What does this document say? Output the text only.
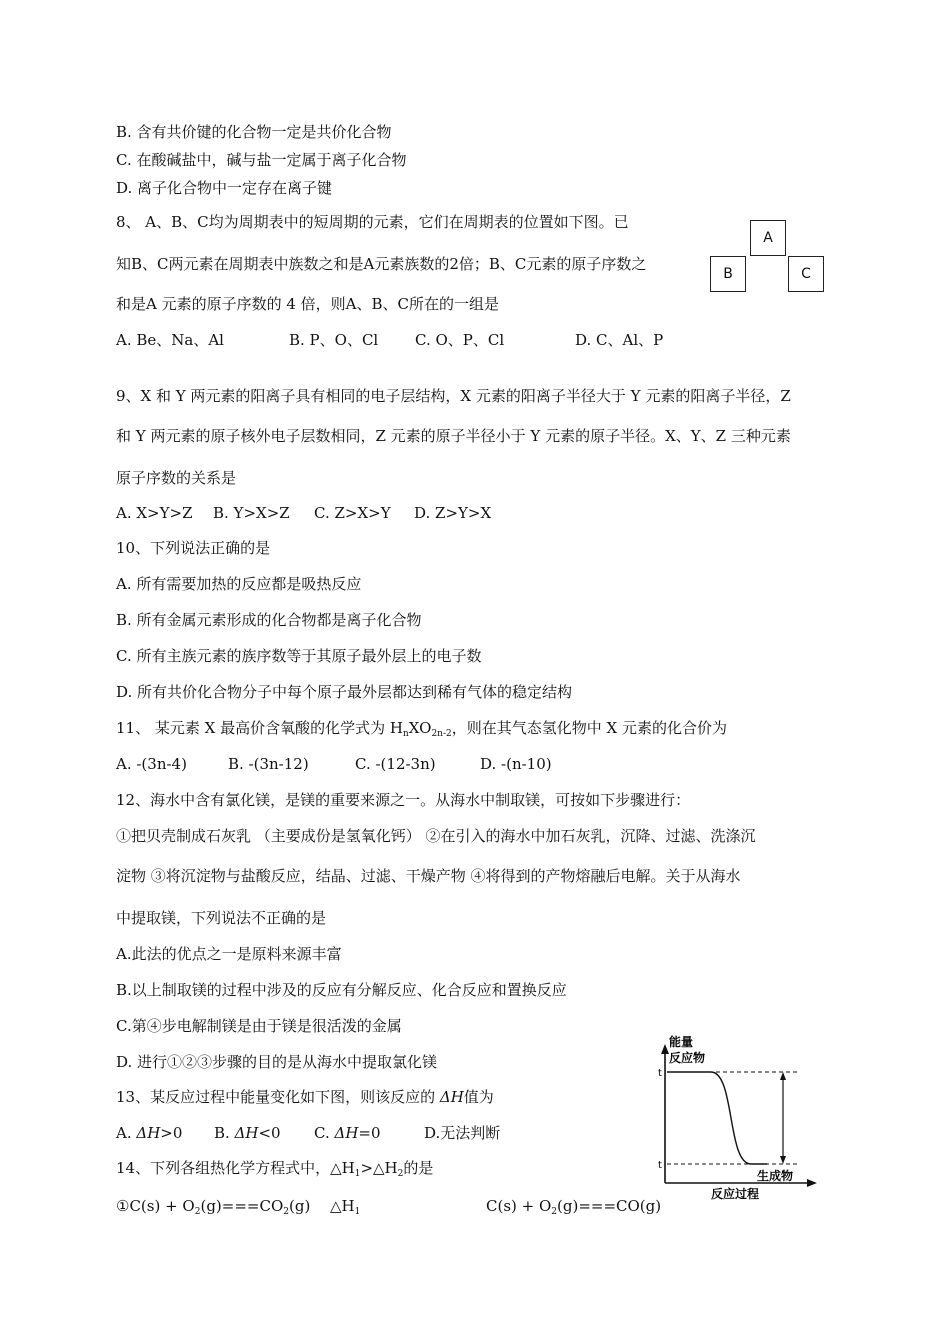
B. 含有共价键的化合物一定是共价化合物
C. 在酸碱盐中，碱与盐一定属于离子化合物
D. 离子化合物中一定存在离子键
8、 A、B、C均为周期表中的短周期的元素，它们在周期表的位置如下图。已
知B、C两元素在周期表中族数之和是A元素族数的2倍；B、C元素的原子序数之
和是A 元素的原子序数的 4 倍，则A、B、C所在的一组是
A
B	C
A. Be、Na、Al	B. P、O、Cl C. O、P、Cl	D. C、Al、P
9、X 和 Y 两元素的阳离子具有相同的电子层结构，X 元素的阳离子半径大于 Y 元素的阳离子半径，Z
和 Y 两元素的原子核外电子层数相同，Z 元素的原子半径小于 Y 元素的原子半径。X、Y、Z 三种元素
原子序数的关系是
A. X>Y>Z B. Y>X>Z C. Z>X>Y D. Z>Y>X
10、下列说法正确的是
A. 所有需要加热的反应都是吸热反应
B. 所有金属元素形成的化合物都是离子化合物
C. 所有主族元素的族序数等于其原子最外层上的电子数
D. 所有共价化合物分子中每个原子最外层都达到稀有气体的稳定结构
11、 某元素 X 最高价含氧酸的化学式为 $H_nXO_{2n-2}$，则在其气态氢化物中 X 元素的化合价为
A. -(3n-4)	B. -(3n-12)	C. -(12-3n)	D. -(n-10)
12、海水中含有氯化镁，是镁的重要来源之一。从海水中制取镁，可按如下步骤进行：
①把贝壳制成石灰乳 （主要成份是氢氧化钙） ②在引入的海水中加石灰乳，沉降、过滤、洗涤沉
淀物 ③将沉淀物与盐酸反应，结晶、过滤、干燥产物 ④将得到的产物熔融后电解。关于从海水
中提取镁，下列说法不正确的是
A.此法的优点之一是原料来源丰富
B.以上制取镁的过程中涉及的反应有分解反应、化合反应和置换反应
C.第④步电解制镁是由于镁是很活泼的金属
D. 进行①②③步骤的目的是从海水中提取氯化镁
13、某反应过程中能量变化如下图，则该反应的 ΔH值为
A. ΔH>0 B. ΔH<0 C. ΔH=0	D.无法判断
能量
反应物
生成物
反应过程
t
t
14、下列各组热化学方程式中，$\triangle H_1>\triangle H_2$的是
①C(s) + $O_2(g)===CO_2(g)$ $\triangle H_1$	$C(s) + O_2(g)===CO(g)$
